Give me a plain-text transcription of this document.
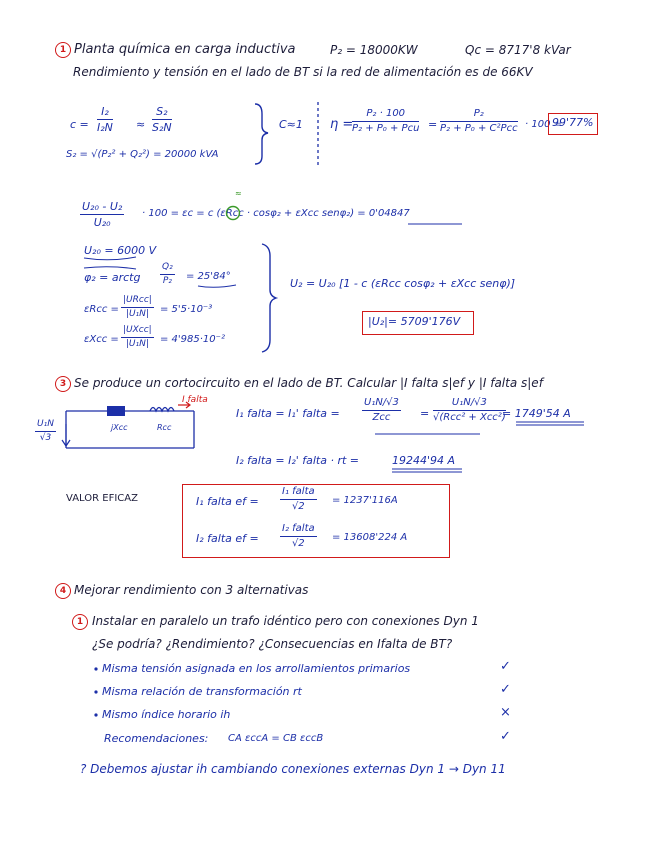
1 Planta química en carga inductiva	P₂ = 18000KW	Qc = 8717'8 kVar
Rendimiento y tensión en el lado de BT si la red de alimentación es de 66KV
$c = \frac{\text{I₂}}{\text{I₂N}} \approx \frac{\text{S₂}}{\text{S₂N}}$
S₂ = √(P₂² + Q₂²) = 20000 kVA
C≈1 η =
P₂ · 100
P₂ + P₀ + Pcu =
P₂
P₂ + P₀ + C²Pcc · 100 =
99'77%
≈
$\frac{\text{U₂₀ - U₂}}{\text{U₂₀}} \cdot 100 = \varepsilon c = c$ (εRcc · cosφ₂ + εXcc senφ₂) = 0'04847
U₂₀ = 6000 V
φ₂ = arctg $\frac{\text{Q₂}}{\text{P₂}} = 25'84^\circ$
εRcc =
|URcc|
|U₁N|	= 5'5·10⁻³
εXcc =
|UXcc|
|U₁N|	= 4'985·10⁻²
U₂ = U₂₀ [1 - c (εRcc cosφ₂ + εXcc senφ)]
|U₂|= 5709'176V
3 Se produce un cortocircuito en el lado de BT. Calcular |I falta s|ef y |I falta s|ef
I falta
$\frac{\text{U₁N}}{√3}$	jXcc	Rcc
I₁ falta = I₁' falta =
U₁N/√3
Zcc	=
U₁N/√3
√(Rcc² + Xcc²)
= 1749'54 A
I₂ falta = I₂' falta · rt =	19244'94 A
VALOR EFICAZ	I₁ falta ef =
I₁ falta
√2
= 1237'116A
I₂ falta ef =
I₂ falta
√2
= 13608'224 A
4 Mejorar rendimiento con 3 alternativas
1 Instalar en paralelo un trafo idéntico pero con conexiones Dyn 1
¿Se podría? ¿Rendimiento? ¿Consecuencias en Ifalta de BT?
Misma tensión asignada en los arrollamientos primarios	✓
Misma relación de transformación rt	✓
Mismo índice horario ih	×
Recomendaciones: CA εccA = CB εccB	✓
? Debemos ajustar ih cambiando conexiones externas Dyn 1 → Dyn 11
